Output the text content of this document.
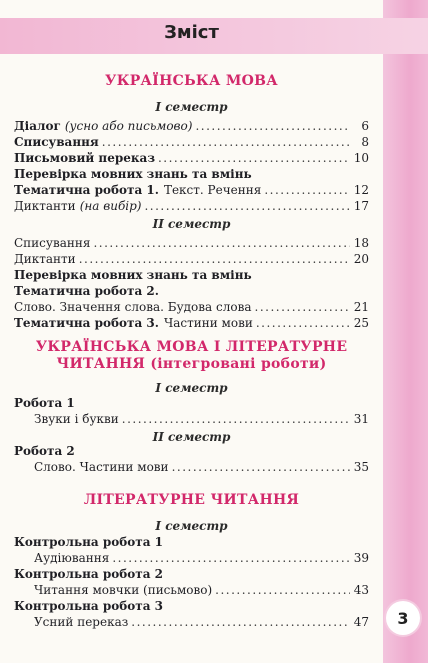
Зміст
3
УКРАЇНСЬКА МОВА
I семестр
Діалог (усно або письмово) .....	6
Списування .....	8
Письмовий переказ .....	10
Перевірка мовних знань та вмінь
Тематична робота 1. Текст. Речення .....	12
Диктанти (на вибір) .....	17
II семестр
Списування .....	18
Диктанти .....	20
Перевірка мовних знань та вмінь
Тематична робота 2.
Слово. Значення слова. Будова слова .....	21
Тематична робота 3. Частини мови .....	25
УКРАЇНСЬКА МОВА І ЛІТЕРАТУРНЕ
ЧИТАННЯ (інтегровані роботи)
I семестр
Робота 1
Звуки і букви .....	31
II семестр
Робота 2
Слово. Частини мови .....	35
ЛІТЕРАТУРНЕ ЧИТАННЯ
I семестр
Контрольна робота 1
Аудіювання .....	39
Контрольна робота 2
Читання мовчки (письмово) .....	43
Контрольна робота 3
Усний переказ .....	47
